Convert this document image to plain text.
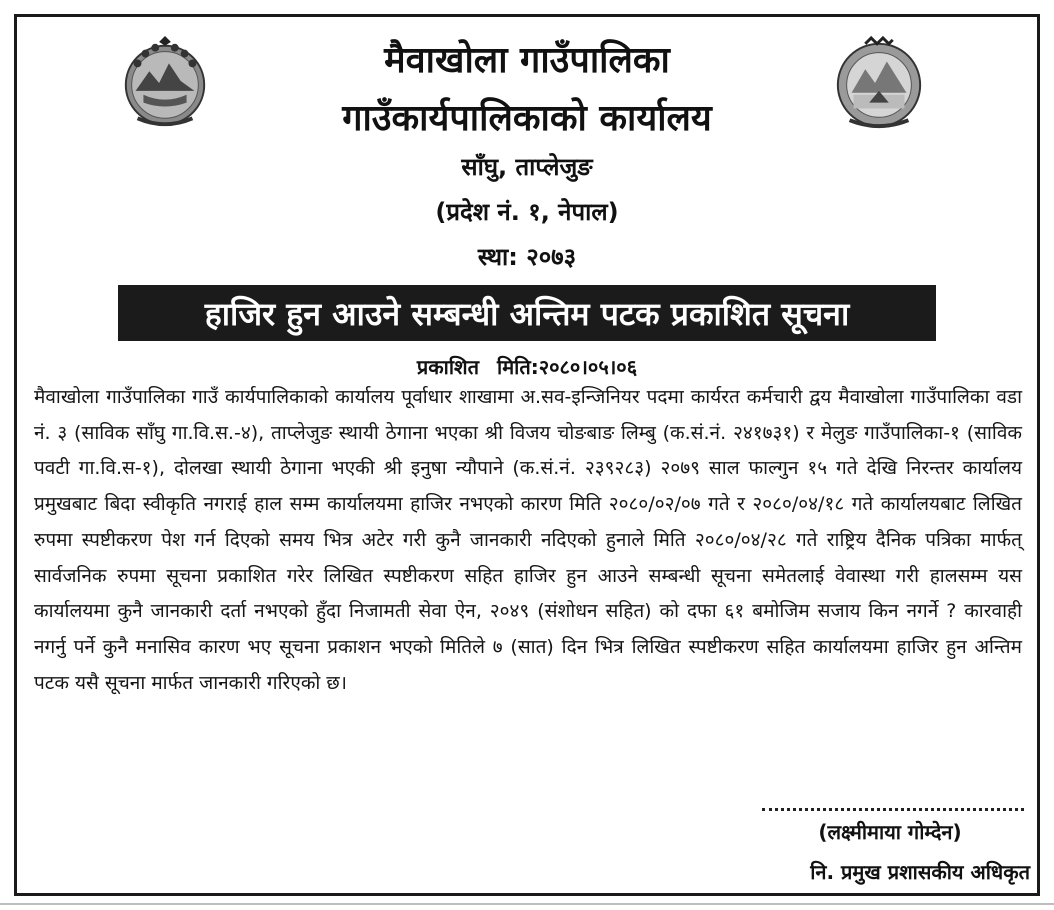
मैवाखोला गाउँपालिका
गाउँकार्यपालिकाको कार्यालय
साँघु, ताप्लेजुङ
(प्रदेश नं. १, नेपाल)
स्था: २०७३
हाजिर हुन आउने सम्बन्धी अन्तिम पटक प्रकाशित सूचना
प्रकाशित मिति:२०८०।०५।०६
मैवाखोला गाउँपालिका गाउँ कार्यपालिकाको कार्यालय पूर्वाधार शाखामा अ.सव-इन्जिनियर पदमा कार्यरत कर्मचारी द्वय मैवाखोला गाउँपालिका वडा नं. ३ (साविक साँघु गा.वि.स.-४), ताप्लेजुङ स्थायी ठेगाना भएका श्री विजय चोङबाङ लिम्बु (क.सं.नं. २४१७३१) र मेलुङ गाउँपालिका-१ (साविक पवटी गा.वि.स-१), दोलखा स्थायी ठेगाना भएकी श्री इनुषा न्यौपाने (क.सं.नं. २३९२८३) २०७९ साल फाल्गुन १५ गते देखि निरन्तर कार्यालय प्रमुखबाट बिदा स्वीकृति नगराई हाल सम्म कार्यालयमा हाजिर नभएको कारण मिति २०८०/०२/०७ गते र २०८०/०४/१८ गते कार्यालयबाट लिखित रुपमा स्पष्टीकरण पेश गर्न दिएको समय भित्र अटेर गरी कुनै जानकारी नदिएको हुनाले मिति २०८०/०४/२८ गते राष्ट्रिय दैनिक पत्रिका मार्फत् सार्वजनिक रुपमा सूचना प्रकाशित गरेर लिखित स्पष्टीकरण सहित हाजिर हुन आउने सम्बन्धी सूचना समेतलाई वेवास्था गरी हालसम्म यस कार्यालयमा कुनै जानकारी दर्ता नभएको हुँदा निजामती सेवा ऐन, २०४९ (संशोधन सहित) को दफा ६१ बमोजिम सजाय किन नगर्ने ? कारवाही नगर्नु पर्ने कुनै मनासिव कारण भए सूचना प्रकाशन भएको मितिले ७ (सात) दिन भित्र लिखित स्पष्टीकरण सहित कार्यालयमा हाजिर हुन अन्तिम पटक यसै सूचना मार्फत जानकारी गरिएको छ।
(लक्ष्मीमाया गोम्देन)
नि. प्रमुख प्रशासकीय अधिकृत
